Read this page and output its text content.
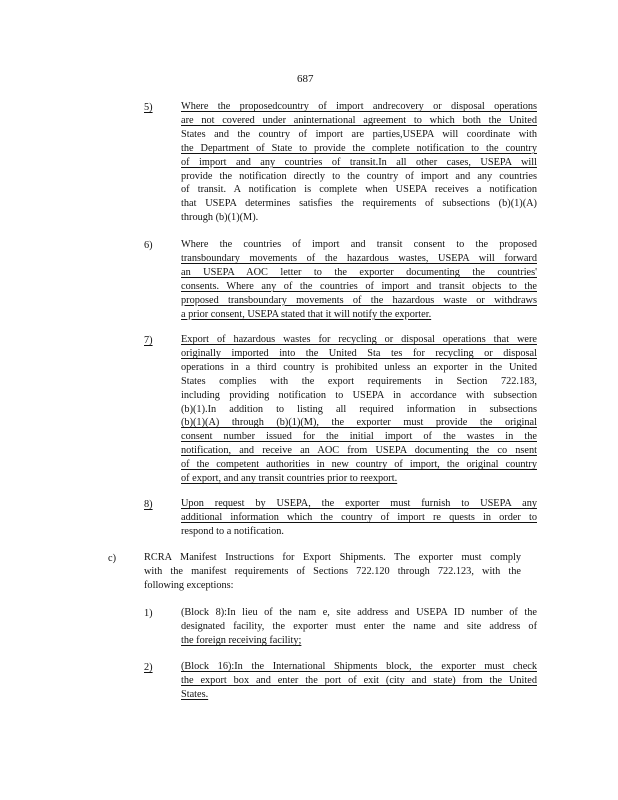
687
5)	Where the proposedcountry of import andrecovery or disposal operations
are not covered under aninternational agreement to which both the United
States and the country of import are parties,USEPA will coordinate with
the Department of State to provide the complete notification to the country
of import and any countries of transit.In all other cases, USEPA will
provide the notification directly to the country of import and any countries
of transit. A notification is complete when USEPA receives a notification
that USEPA determines satisfies the requirements of subsections (b)(1)(A)
through (b)(1)(M).
6)	Where the countries of import and transit consent to the proposed
transboundary movements of the hazardous wastes, USEPA will forward
an USEPA AOC letter to the exporter documenting the countries'
consents. Where any of the countries of import and transit objects to the
proposed transboundary movements of the hazardous waste or withdraws
a prior consent, USEPA stated that it will notify the exporter.
7)	Export of hazardous wastes for recycling or disposal operations that were
originally imported into the United Sta tes for recycling or disposal
operations in a third country is prohibited unless an exporter in the United
States complies with the export requirements in Section 722.183,
including providing notification to USEPA in accordance with subsection
(b)(1).In addition to listing all required information in subsections
(b)(1)(A) through (b)(1)(M), the exporter must provide the original
consent number issued for the initial import of the wastes in the
notification, and receive an AOC from USEPA documenting the co nsent
of the competent authorities in new country of import, the original country
of export, and any transit countries prior to reexport.
8)	Upon request by USEPA, the exporter must furnish to USEPA any
additional information which the country of import re quests in order to
respond to a notification.
c)	RCRA Manifest Instructions for Export Shipments. The exporter must comply
with the manifest requirements of Sections 722.120 through 722.123, with the
following exceptions:
1)	(Block 8):In lieu of the nam e, site address and USEPA ID number of the
designated facility, the exporter must enter the name and site address of
the foreign receiving facility;
2)	(Block 16):In the International Shipments block, the exporter must check
the export box and enter the port of exit (city and state) from the United
States.
